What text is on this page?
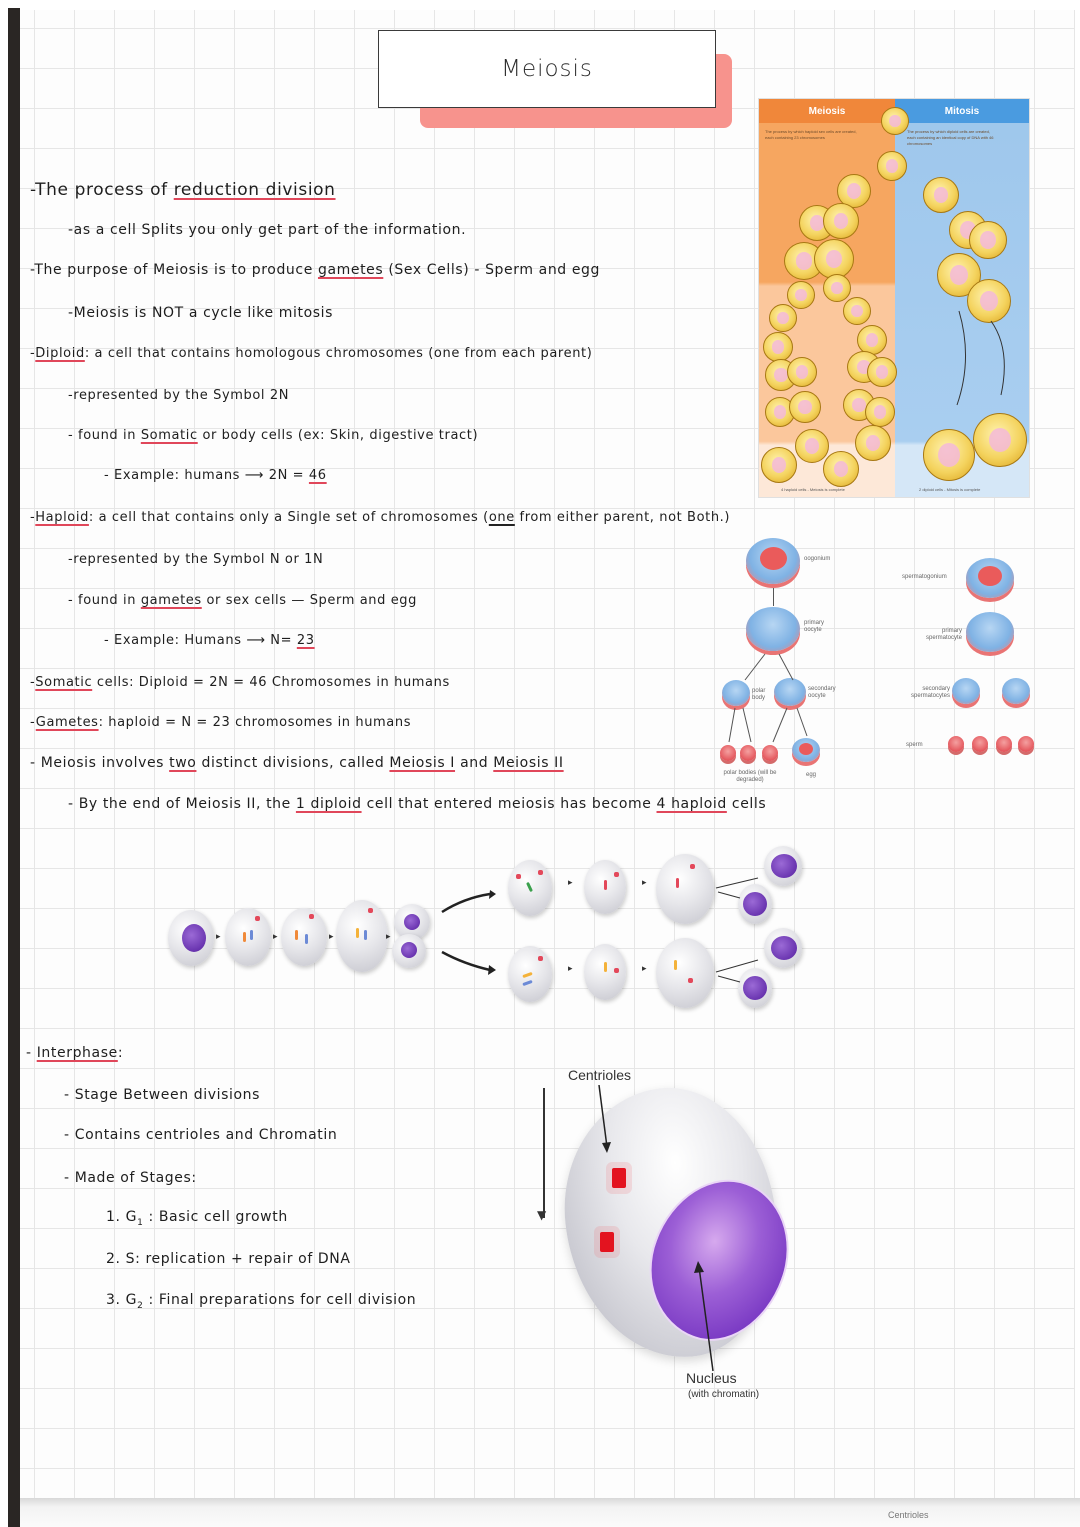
Centrioles
Meiosis
-The process of reduction division
-as a cell Splits you only get part of the information.
-The purpose of Meiosis is to produce gametes (Sex Cells) - Sperm and egg
-Meiosis is NOT a cycle like mitosis
-Diploid: a cell that contains homologous chromosomes (one from each parent)
-represented by the Symbol 2N
- found in Somatic or body cells (ex: Skin, digestive tract)
- Example: humans ⟶ 2N = 46
-Haploid: a cell that contains only a Single set of chromosomes (one from either parent, not Both.)
-represented by the Symbol N or 1N
- found in gametes or sex cells — Sperm and egg
- Example: Humans ⟶ N= 23
-Somatic cells: Diploid = 2N = 46 Chromosomes in humans
-Gametes: haploid = N = 23 chromosomes in humans
- Meiosis involves two distinct divisions, called Meiosis I and Meiosis II
- By the end of Meiosis II, the 1 diploid cell that entered meiosis has become 4 haploid cells
- Interphase:
- Stage Between divisions
- Contains centrioles and Chromatin
- Made of Stages:
1. $G_1$ : Basic cell growth
2. S: replication + repair of DNA
3. $G_2$ : Final preparations for cell division
Meiosis	Mitosis
The process by which haploid sex cells are created, each containing 23 chromosomes
The process by which diploid cells are created, each containing an identical copy of DNA with 46 chromosomes
4 haploid cells - Meiosis is complete	2 diploid cells - Mitosis is complete
oogonium
primary oocyte
polar body
secondary oocyte
polar bodies (will be degraded)
egg
spermatogonium
primary spermatocyte
secondary spermatocytes
sperm
▸	▸	▸	▸
▸	▸
▸	▸
Centrioles
▼
Nucleus
(with chromatin)
